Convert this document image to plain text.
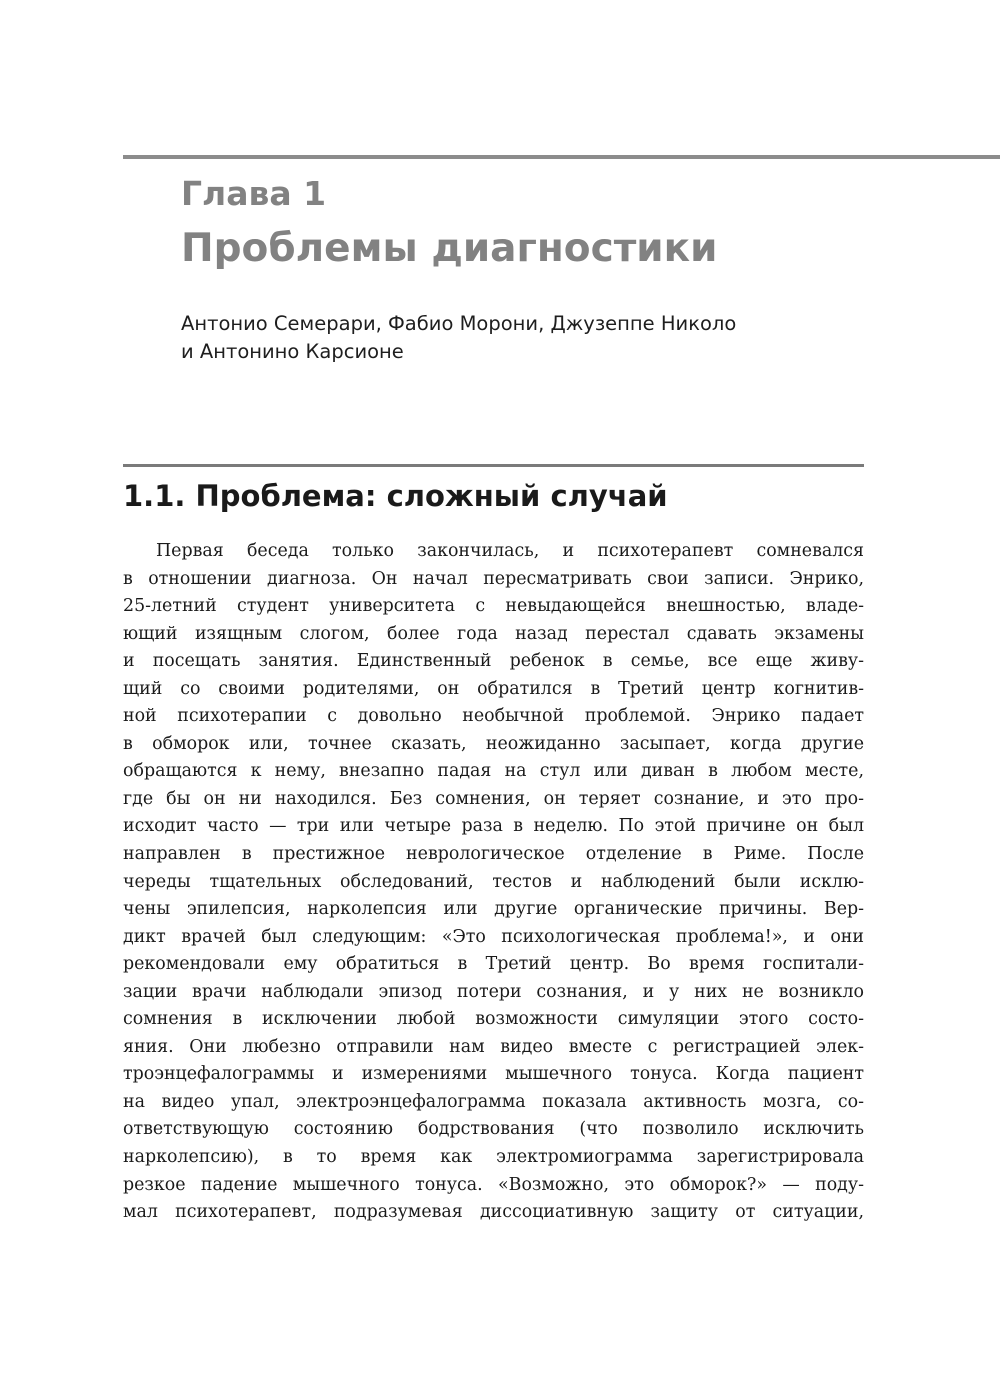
Глава 1
Проблемы диагностики

Антонио Семерари, Фабио Морони, Джузеппе Николо
и Антонино Карсионе

1.1. Проблема: сложный случай
Первая беседа только закончилась, и психотерапевт сомневался
в отношении диагноза. Он начал пересматривать свои записи. Энрико,
25-летний студент университета с невыдающейся внешностью, владе-
ющий изящным слогом, более года назад перестал сдавать экзамены
и посещать занятия. Единственный ребенок в семье, все еще живу-
щий со своими родителями, он обратился в Третий центр когнитив-
ной психотерапии с довольно необычной проблемой. Энрико падает
в обморок или, точнее сказать, неожиданно засыпает, когда другие
обращаются к нему, внезапно падая на стул или диван в любом месте,
где бы он ни находился. Без сомнения, он теряет сознание, и это про-
исходит часто — три или четыре раза в неделю. По этой причине он был
направлен в престижное неврологическое отделение в Риме. После
череды тщательных обследований, тестов и наблюдений были исклю-
чены эпилепсия, нарколепсия или другие органические причины. Вер-
дикт врачей был следующим: «Это психологическая проблема!», и они
рекомендовали ему обратиться в Третий центр. Во время госпитали-
зации врачи наблюдали эпизод потери сознания, и у них не возникло
сомнения в исключении любой возможности симуляции этого состо-
яния. Они любезно отправили нам видео вместе с регистрацией элек-
троэнцефалограммы и измерениями мышечного тонуса. Когда пациент
на видео упал, электроэнцефалограмма показала активность мозга, со-
ответствующую состоянию бодрствования (что позволило исключить
нарколепсию), в то время как электромиограмма зарегистрировала
резкое падение мышечного тонуса. «Возможно, это обморок?» — поду-
мал психотерапевт, подразумевая диссоциативную защиту от ситуации,
